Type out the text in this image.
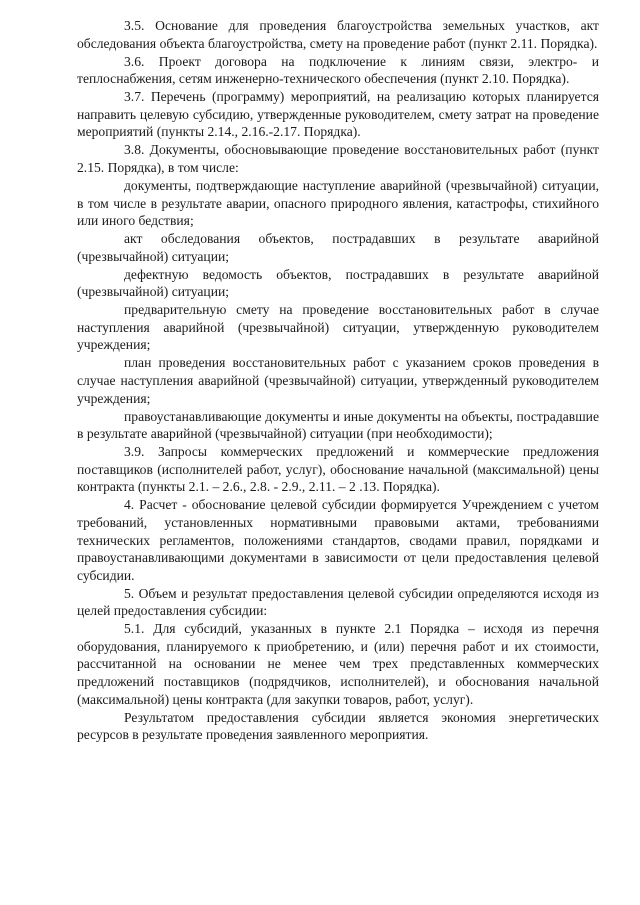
3.5. Основание для проведения благоустройства земельных участков, акт обследования объекта благоустройства, смету на проведение работ (пункт 2.11. Порядка).

3.6. Проект договора на подключение к линиям связи, электро- и теплоснабжения, сетям инженерно-технического обеспечения (пункт 2.10. Порядка).

3.7. Перечень (программу) мероприятий, на реализацию которых планируется направить целевую субсидию, утвержденные руководителем, смету затрат на проведение мероприятий (пункты 2.14., 2.16.-2.17. Порядка).

3.8. Документы, обосновывающие проведение восстановительных работ (пункт 2.15. Порядка), в том числе:

документы, подтверждающие наступление аварийной (чрезвычайной) ситуации, в том числе в результате аварии, опасного природного явления, катастрофы, стихийного или иного бедствия;

акт обследования объектов, пострадавших в результате аварийной (чрезвычайной) ситуации;

дефектную ведомость объектов, пострадавших в результате аварийной (чрезвычайной) ситуации;

предварительную смету на проведение восстановительных работ в случае наступления аварийной (чрезвычайной) ситуации, утвержденную руководителем учреждения;

план проведения восстановительных работ с указанием сроков проведения в случае наступления аварийной (чрезвычайной) ситуации, утвержденный руководителем учреждения;

правоустанавливающие документы и иные документы на объекты, пострадавшие в результате аварийной (чрезвычайной) ситуации (при необходимости);

3.9. Запросы коммерческих предложений и коммерческие предложения поставщиков (исполнителей работ, услуг), обоснование начальной (максимальной) цены контракта (пункты 2.1. – 2.6., 2.8. - 2.9., 2.11. – 2 .13. Порядка).

4. Расчет - обоснование целевой субсидии формируется Учреждением с учетом требований, установленных нормативными правовыми актами, требованиями технических регламентов, положениями стандартов, сводами правил, порядками и правоустанавливающими документами в зависимости от цели предоставления целевой субсидии.

5. Объем и результат предоставления целевой субсидии определяются исходя из целей предоставления субсидии:

5.1. Для субсидий, указанных в пункте 2.1 Порядка – исходя из перечня оборудования, планируемого к приобретению, и (или) перечня работ и их стоимости, рассчитанной на основании не менее чем трех представленных коммерческих предложений поставщиков (подрядчиков, исполнителей), и обоснования начальной (максимальной) цены контракта (для закупки товаров, работ, услуг).

Результатом предоставления субсидии является экономия энергетических ресурсов в результате проведения заявленного мероприятия.
